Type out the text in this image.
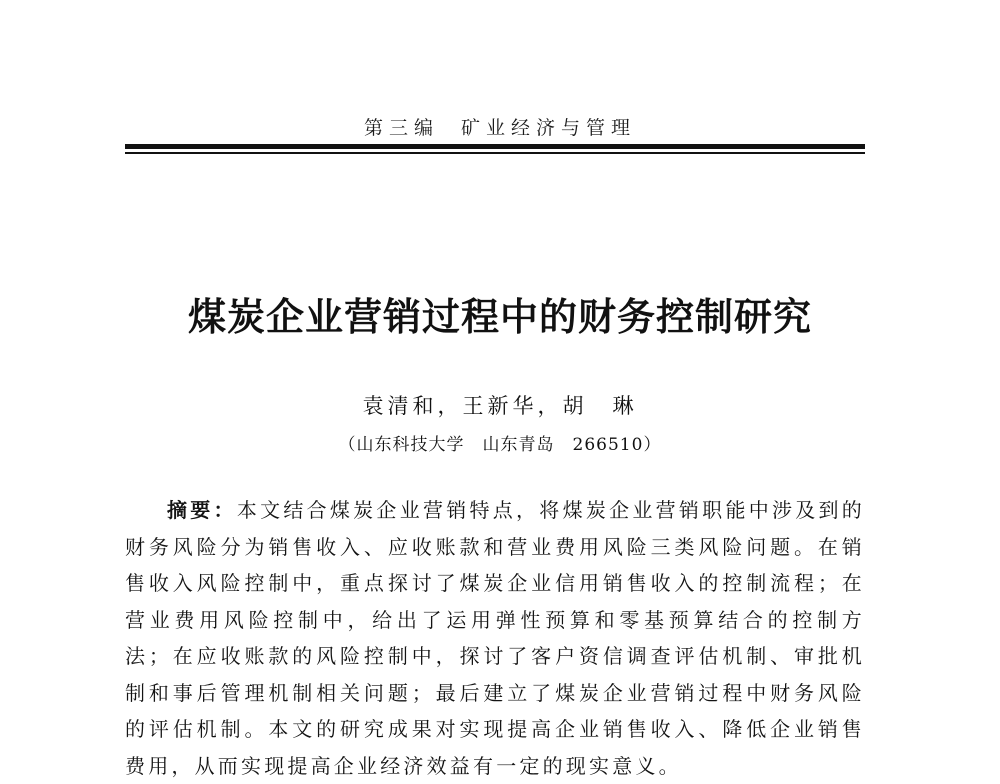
第三编 矿业经济与管理
煤炭企业营销过程中的财务控制研究
袁清和，王新华，胡　琳
（山东科技大学　山东青岛　266510）
摘要：本文结合煤炭企业营销特点，将煤炭企业营销职能中涉及到的财务风险分为销售收入、应收账款和营业费用风险三类风险问题。在销售收入风险控制中，重点探讨了煤炭企业信用销售收入的控制流程；在营业费用风险控制中，给出了运用弹性预算和零基预算结合的控制方法；在应收账款的风险控制中，探讨了客户资信调查评估机制、审批机制和事后管理机制相关问题；最后建立了煤炭企业营销过程中财务风险的评估机制。本文的研究成果对实现提高企业销售收入、降低企业销售费用，从而实现提高企业经济效益有一定的现实意义。
